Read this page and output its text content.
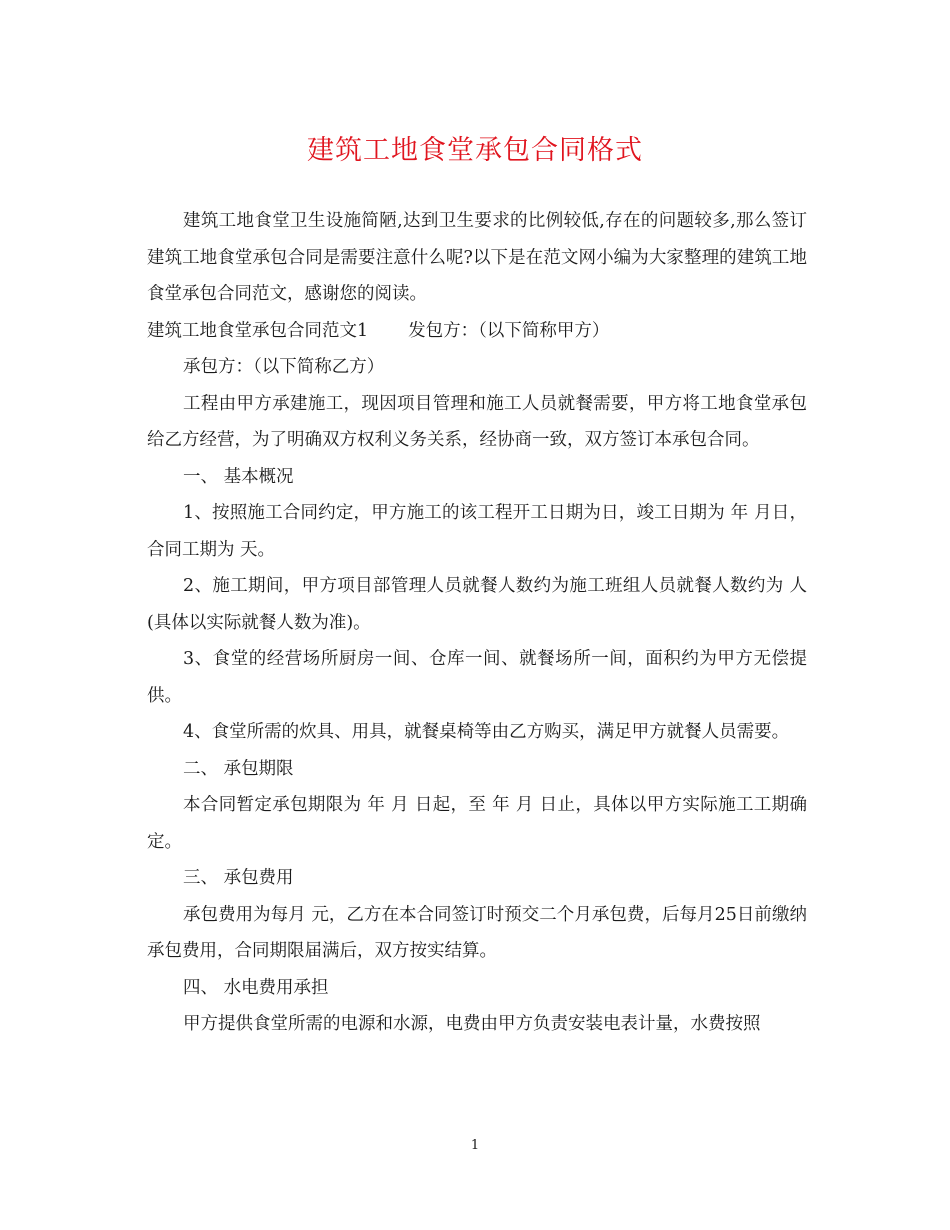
建筑工地食堂承包合同格式

建筑工地食堂卫生设施简陋,达到卫生要求的比例较低,存在的问题较多,那么签订建筑工地食堂承包合同是需要注意什么呢?以下是在范文网小编为大家整理的建筑工地食堂承包合同范文，感谢您的阅读。

建筑工地食堂承包合同范文1 发包方：（以下简称甲方）

承包方：（以下简称乙方）

工程由甲方承建施工，现因项目管理和施工人员就餐需要，甲方将工地食堂承包给乙方经营，为了明确双方权利义务关系，经协商一致，双方签订本承包合同。

一、 基本概况

1、按照施工合同约定，甲方施工的该工程开工日期为日，竣工日期为 年 月日，合同工期为 天。

2、施工期间，甲方项目部管理人员就餐人数约为施工班组人员就餐人数约为 人(具体以实际就餐人数为准)。

3、食堂的经营场所厨房一间、仓库一间、就餐场所一间，面积约为甲方无偿提供。

4、食堂所需的炊具、用具，就餐桌椅等由乙方购买，满足甲方就餐人员需要。

二、 承包期限

本合同暂定承包期限为 年 月 日起，至 年 月 日止，具体以甲方实际施工工期确定。

三、 承包费用

承包费用为每月 元，乙方在本合同签订时预交二个月承包费，后每月25日前缴纳承包费用，合同期限届满后，双方按实结算。

四、 水电费用承担

甲方提供食堂所需的电源和水源，电费由甲方负责安装电表计量，水费按照

1
